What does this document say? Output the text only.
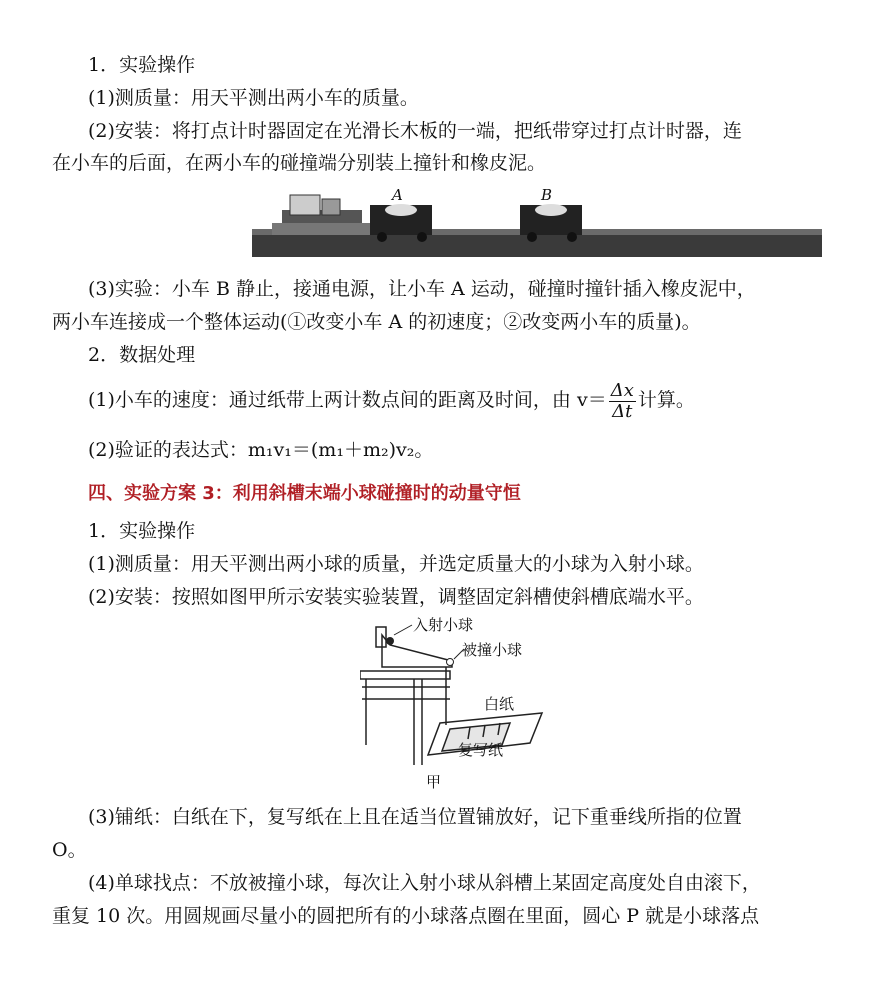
1．实验操作
(1)测质量：用天平测出两小车的质量。
(2)安装：将打点计时器固定在光滑长木板的一端，把纸带穿过打点计时器，连
在小车的后面，在两小车的碰撞端分别装上撞针和橡皮泥。
A	B
(3)实验：小车 B 静止，接通电源，让小车 A 运动，碰撞时撞针插入橡皮泥中，
两小车连接成一个整体运动(①改变小车 A 的初速度；②改变两小车的质量)。
2．数据处理
(1)小车的速度：通过纸带上两计数点间的距离及时间，由 $v= \frac{\Delta x}{\Delta t}$ 计算。
(2)验证的表达式：m₁v₁＝(m₁＋m₂)v₂。
四、实验方案 3：利用斜槽末端小球碰撞时的动量守恒
1．实验操作
(1)测质量：用天平测出两小球的质量，并选定质量大的小球为入射小球。
(2)安装：按照如图甲所示安装实验装置，调整固定斜槽使斜槽底端水平。
入射小球
被撞小球
白纸
复写纸
甲
(3)铺纸：白纸在下，复写纸在上且在适当位置铺放好，记下重垂线所指的位置
O。
(4)单球找点：不放被撞小球，每次让入射小球从斜槽上某固定高度处自由滚下，
重复 10 次。用圆规画尽量小的圆把所有的小球落点圈在里面，圆心 P 就是小球落点
